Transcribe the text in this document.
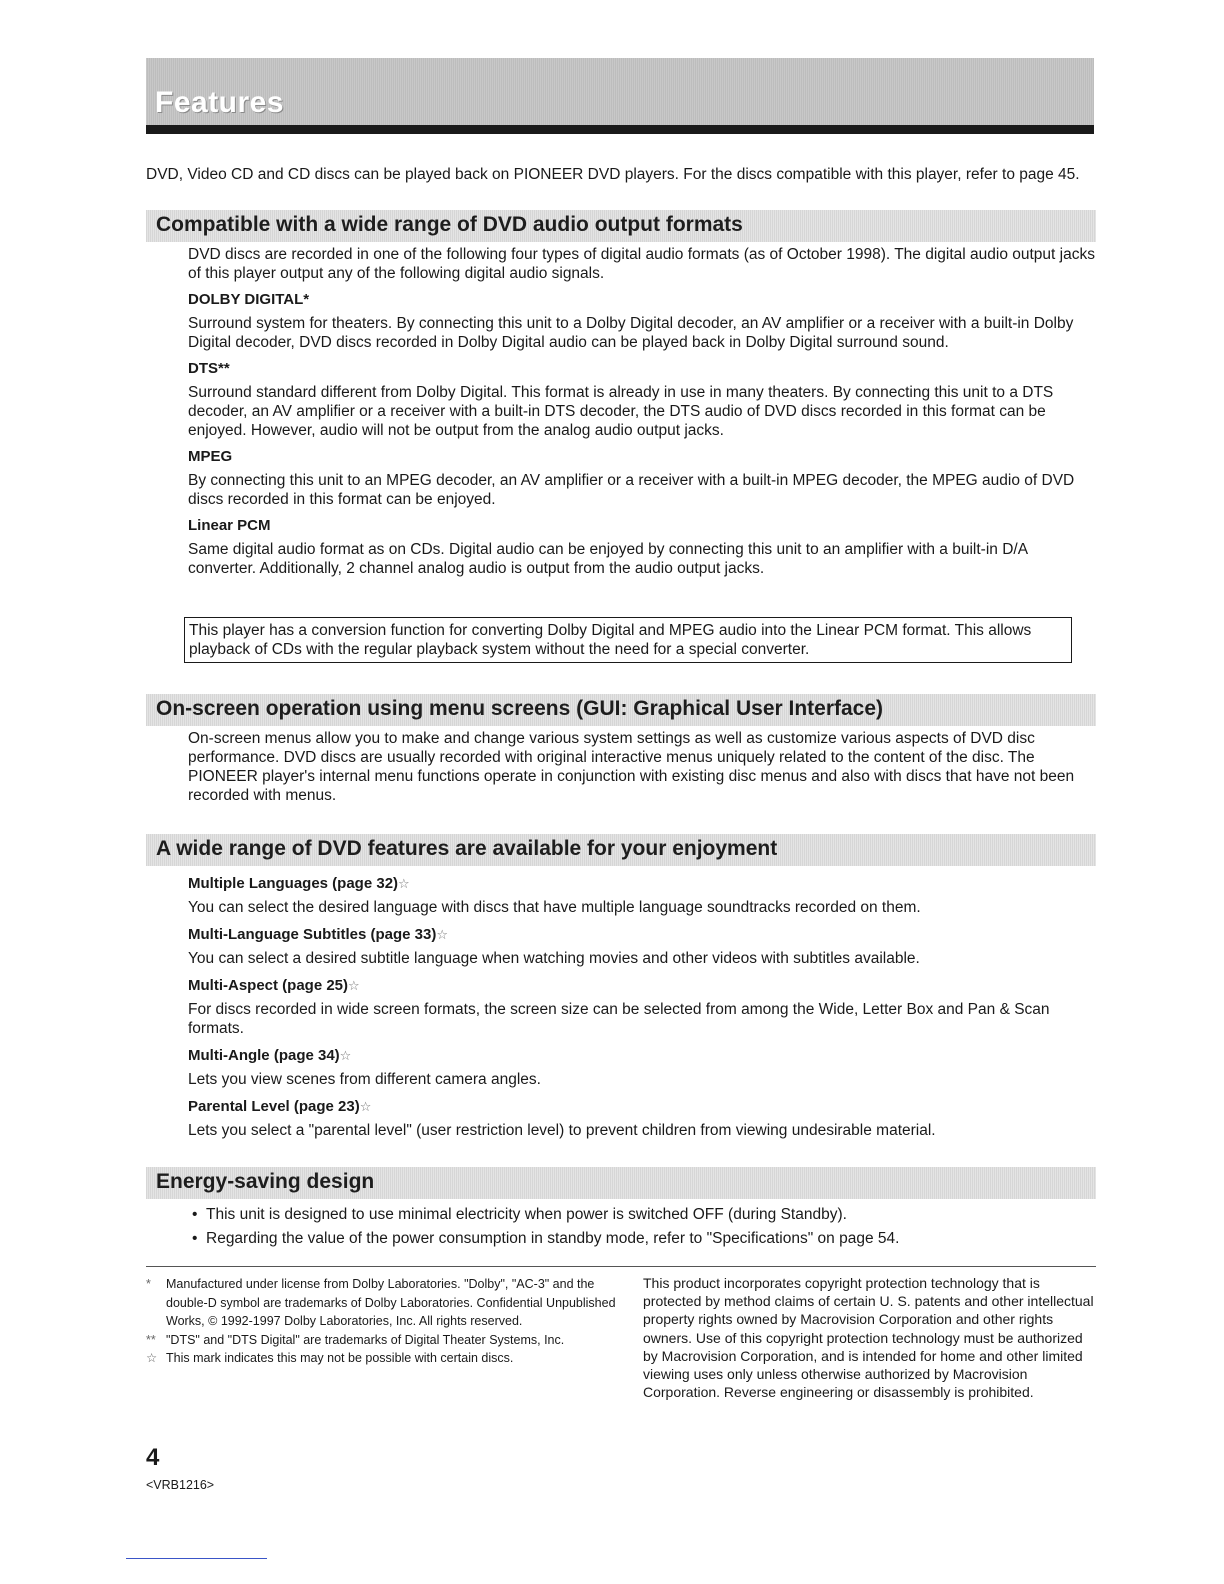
Features
DVD, Video CD and CD discs can be played back on PIONEER DVD players. For the discs compatible with this player, refer to page 45.
Compatible with a wide range of DVD audio output formats

DVD discs are recorded in one of the following four types of digital audio formats (as of October 1998). The digital audio output jacks of this player output any of the following digital audio signals.

DOLBY DIGITAL*

Surround system for theaters. By connecting this unit to a Dolby Digital decoder, an AV amplifier or a receiver with a built-in Dolby Digital decoder, DVD discs recorded in Dolby Digital audio can be played back in Dolby Digital surround sound.

DTS**

Surround standard different from Dolby Digital. This format is already in use in many theaters. By connecting this unit to a DTS decoder, an AV amplifier or a receiver with a built-in DTS decoder, the DTS audio of DVD discs recorded in this format can be enjoyed. However, audio will not be output from the analog audio output jacks.

MPEG

By connecting this unit to an MPEG decoder, an AV amplifier or a receiver with a built-in MPEG decoder, the MPEG audio of DVD discs recorded in this format can be enjoyed.

Linear PCM

Same digital audio format as on CDs. Digital audio can be enjoyed by connecting this unit to an amplifier with a built-in D/A converter. Additionally, 2 channel analog audio is output from the audio output jacks.

This player has a conversion function for converting Dolby Digital and MPEG audio into the Linear PCM format. This allows playback of CDs with the regular playback system without the need for a special converter.
On-screen operation using menu screens (GUI: Graphical User Interface)

On-screen menus allow you to make and change various system settings as well as customize various aspects of DVD disc performance. DVD discs are usually recorded with original interactive menus uniquely related to the content of the disc. The PIONEER player's internal menu functions operate in conjunction with existing disc menus and also with discs that have not been recorded with menus.

A wide range of DVD features are available for your enjoyment

Multiple Languages (page 32)☆

You can select the desired language with discs that have multiple language soundtracks recorded on them.

Multi-Language Subtitles (page 33)☆

You can select a desired subtitle language when watching movies and other videos with subtitles available.

Multi-Aspect (page 25)☆

For discs recorded in wide screen formats, the screen size can be selected from among the Wide, Letter Box and Pan & Scan formats.

Multi-Angle (page 34)☆

Lets you view scenes from different camera angles.

Parental Level (page 23)☆

Lets you select a "parental level" (user restriction level) to prevent children from viewing undesirable material.

Energy-saving design
• This unit is designed to use minimal electricity when power is switched OFF (during Standby).
• Regarding the value of the power consumption in standby mode, refer to "Specifications" on page 54.
* Manufactured under license from Dolby Laboratories. "Dolby", "AC-3" and the double-D symbol are trademarks of Dolby Laboratories. Confidential Unpublished Works, © 1992-1997 Dolby Laboratories, Inc. All rights reserved.
** "DTS" and "DTS Digital" are trademarks of Digital Theater Systems, Inc.
☆ This mark indicates this may not be possible with certain discs.
This product incorporates copyright protection technology that is protected by method claims of certain U. S. patents and other intellectual property rights owned by Macrovision Corporation and other rights owners. Use of this copyright protection technology must be authorized by Macrovision Corporation, and is intended for home and other limited viewing uses only unless otherwise authorized by Macrovision Corporation. Reverse engineering or disassembly is prohibited.
4
<VRB1216>
